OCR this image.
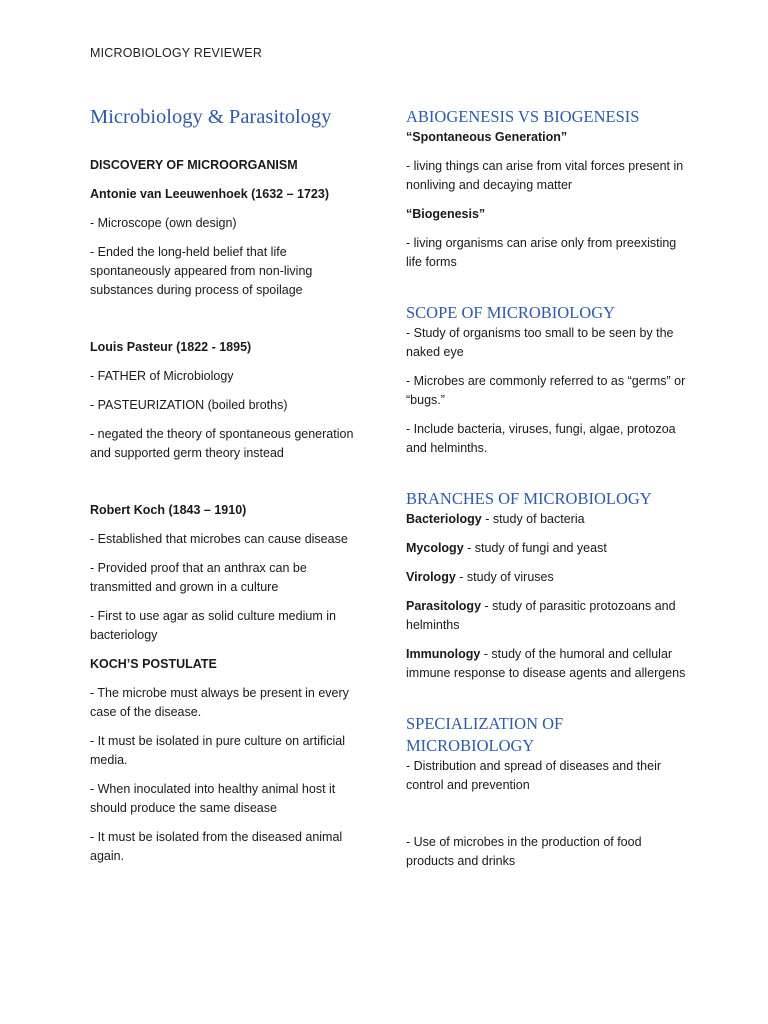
MICROBIOLOGY REVIEWER
Microbiology & Parasitology

DISCOVERY OF MICROORGANISM

Antonie van Leeuwenhoek (1632 – 1723)

- Microscope (own design)

- Ended the long-held belief that life spontaneously appeared from non-living substances during process of spoilage

Louis Pasteur (1822 - 1895)

- FATHER of Microbiology

- PASTEURIZATION (boiled broths)

- negated the theory of spontaneous generation and supported germ theory instead

Robert Koch (1843 – 1910)

- Established that microbes can cause disease

- Provided proof that an anthrax can be transmitted and grown in a culture

- First to use agar as solid culture medium in bacteriology

KOCH’S POSTULATE

- The microbe must always be present in every case of the disease.

- It must be isolated in pure culture on artificial media.

- When inoculated into healthy animal host it should produce the same disease

- It must be isolated from the diseased animal again.

ABIOGENESIS VS BIOGENESIS

“Spontaneous Generation”

- living things can arise from vital forces present in nonliving and decaying matter

“Biogenesis”

- living organisms can arise only from preexisting life forms

SCOPE OF MICROBIOLOGY

- Study of organisms too small to be seen by the naked eye

- Microbes are commonly referred to as “germs” or “bugs.”

- Include bacteria, viruses, fungi, algae, protozoa and helminths.

BRANCHES OF MICROBIOLOGY

Bacteriology - study of bacteria

Mycology - study of fungi and yeast

Virology - study of viruses

Parasitology - study of parasitic protozoans and helminths

Immunology - study of the humoral and cellular immune response to disease agents and allergens

SPECIALIZATION OF MICROBIOLOGY

- Distribution and spread of diseases and their control and prevention

- Use of microbes in the production of food products and drinks
